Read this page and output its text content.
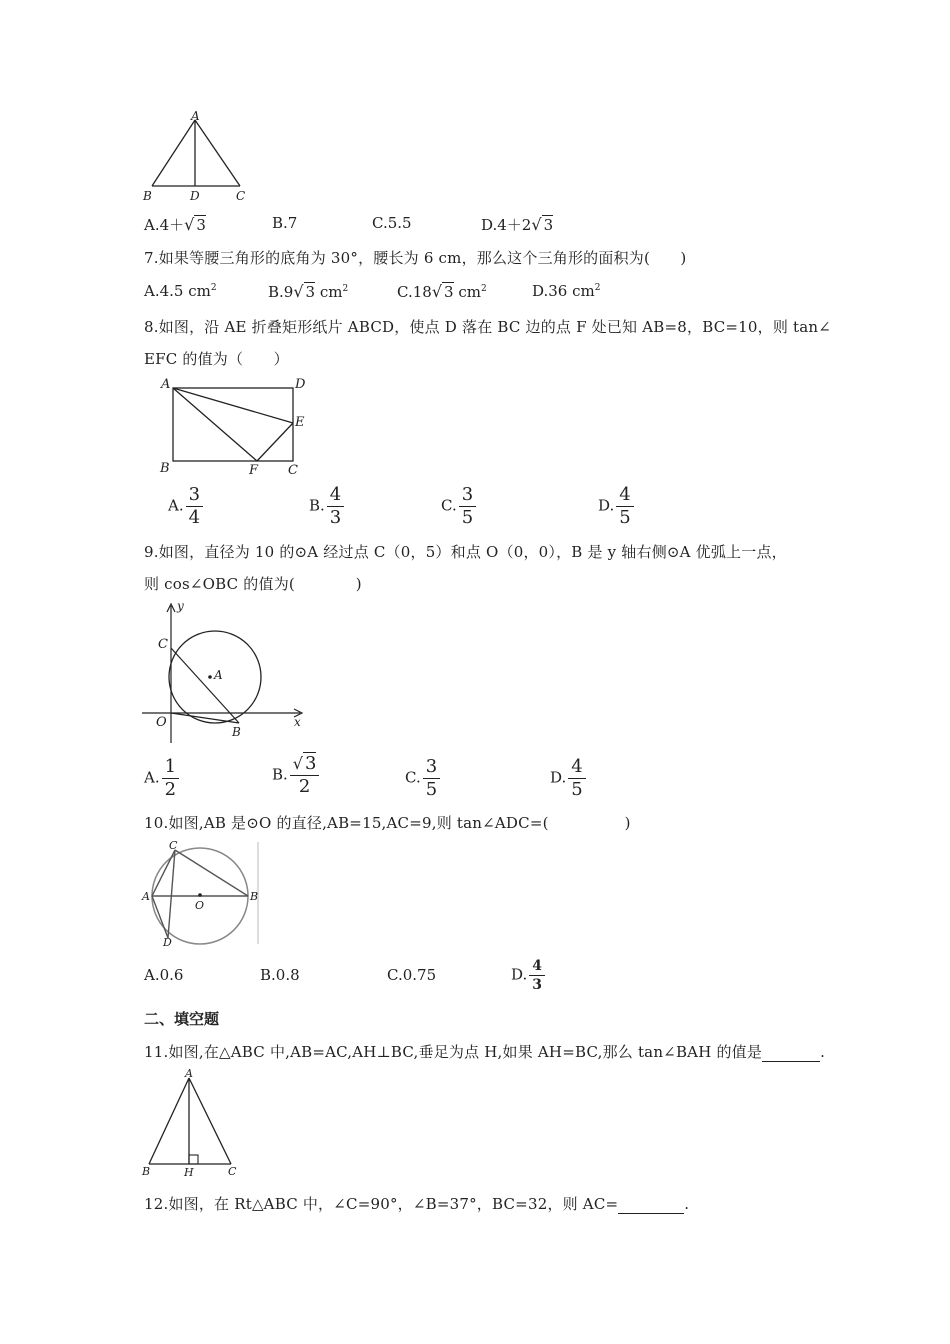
A
B	D	C
A.4＋√ 3	B.7	C.5.5	D.4＋2√ 3
7.如果等腰三角形的底角为 30°，腰长为 6 cm，那么这个三角形的面积为(　　)
A.4.5 $cm^2$	B.9√ 3 $cm^2$	C.18√ 3 $cm^2$	D.36 $cm^2$
8.如图，沿 AE 折叠矩形纸片 ABCD，使点 D 落在 BC 边的点 F 处已知 AB=8，BC=10，则 tan∠
EFC 的值为（　　）
A	D
E
B	F C
A. $\frac{3}{4}$	B. $\frac{4}{3}$	C. $\frac{3}{5}$	D. $\frac{4}{5}$
9.如图，直径为 10 的⊙A 经过点 C（0，5）和点 O（0，0），B 是 y 轴右侧⊙A 优弧上一点，
则 cos∠OBC 的值为(　　　　)
y
C
A
O
B
x
A. $\frac{1}{2}$	B. $\frac{√ 3}{2}$	C. $\frac{3}{5}$	D. $\frac{4}{5}$
10.如图,AB 是⊙O 的直径,AB=15,AC=9,则 tan∠ADC=(　　　　　)
C
A
O
B
D
A.0.6	B.0.8	C.0.75	D. $\frac{4}{3}$
二、填空题
11.如图,在△ABC 中,AB=AC,AH⊥BC,垂足为点 H,如果 AH=BC,那么 tan∠BAH 的值是	.
A
B	H	C
12.如图，在 Rt△ABC 中，∠C=90°，∠B=37°，BC=32，则 AC=	.
